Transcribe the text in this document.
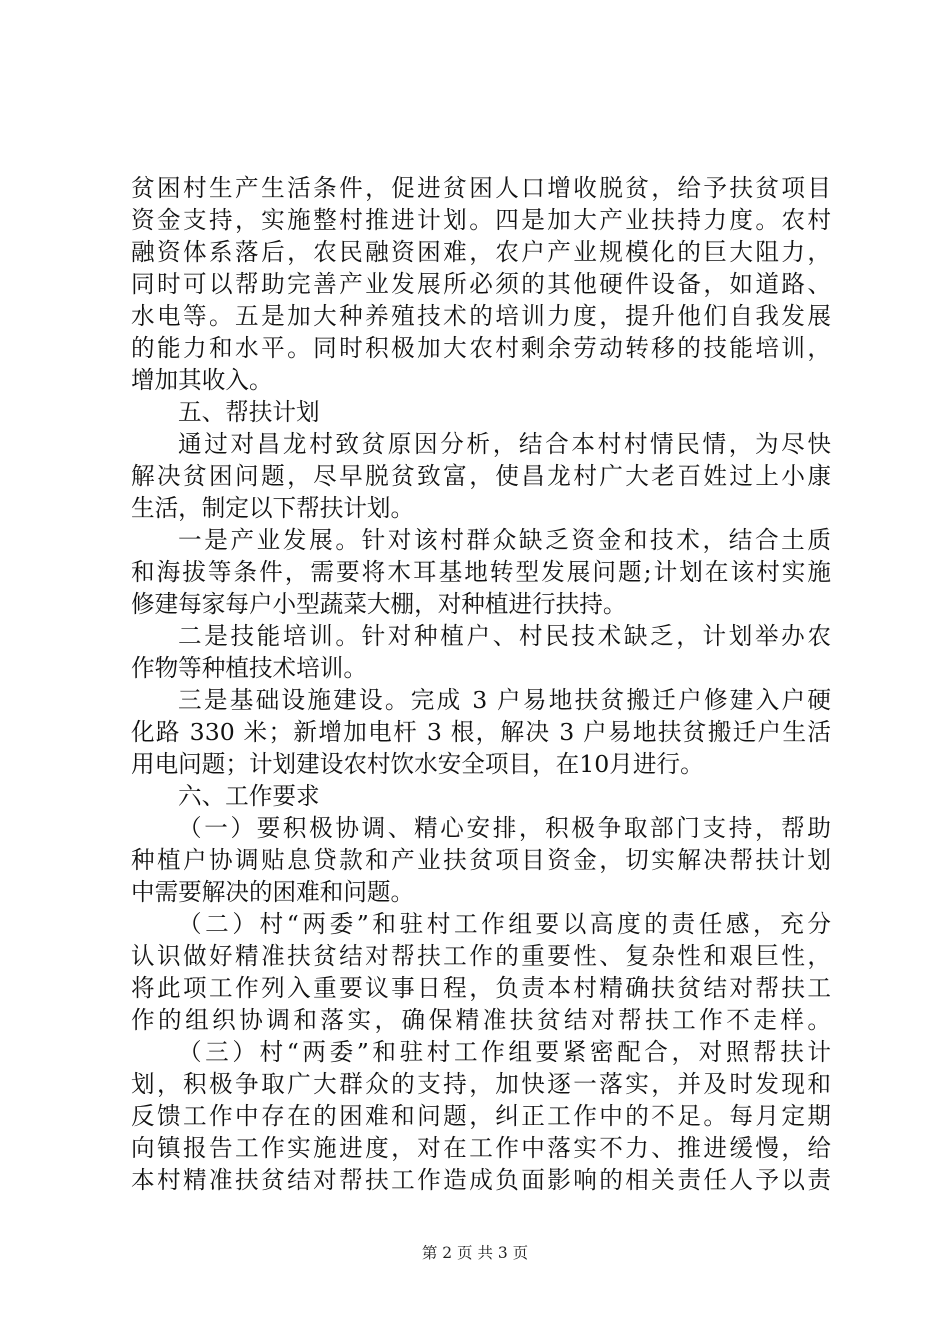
贫困村生产生活条件，促进贫困人口增收脱贫，给予扶贫项目
资金支持，实施整村推进计划。四是加大产业扶持力度。农村
融资体系落后，农民融资困难，农户产业规模化的巨大阻力，
同时可以帮助完善产业发展所必须的其他硬件设备，如道路、
水电等。五是加大种养殖技术的培训力度，提升他们自我发展
的能力和水平。同时积极加大农村剩余劳动转移的技能培训，
增加其收入。
五、帮扶计划
通过对昌龙村致贫原因分析，结合本村村情民情，为尽快
解决贫困问题，尽早脱贫致富，使昌龙村广大老百姓过上小康
生活，制定以下帮扶计划。
一是产业发展。针对该村群众缺乏资金和技术，结合土质
和海拔等条件，需要将木耳基地转型发展问题;计划在该村实施
修建每家每户小型蔬菜大棚，对种植进行扶持。
二是技能培训。针对种植户、村民技术缺乏，计划举办农
作物等种植技术培训。
三是基础设施建设。完成 3 户易地扶贫搬迁户修建入户硬
化路 330 米；新增加电杆 3 根，解决 3 户易地扶贫搬迁户生活
用电问题；计划建设农村饮水安全项目，在10月进行。
六、工作要求
（一）要积极协调、精心安排，积极争取部门支持，帮助
种植户协调贴息贷款和产业扶贫项目资金，切实解决帮扶计划
中需要解决的困难和问题。
（二）村“两委”和驻村工作组要以高度的责任感，充分
认识做好精准扶贫结对帮扶工作的重要性、复杂性和艰巨性，
将此项工作列入重要议事日程，负责本村精确扶贫结对帮扶工
作的组织协调和落实，确保精准扶贫结对帮扶工作不走样。
（三）村“两委”和驻村工作组要紧密配合，对照帮扶计
划，积极争取广大群众的支持，加快逐一落实，并及时发现和
反馈工作中存在的困难和问题，纠正工作中的不足。每月定期
向镇报告工作实施进度，对在工作中落实不力、推进缓慢，给
本村精准扶贫结对帮扶工作造成负面影响的相关责任人予以责
第 2 页 共 3 页
